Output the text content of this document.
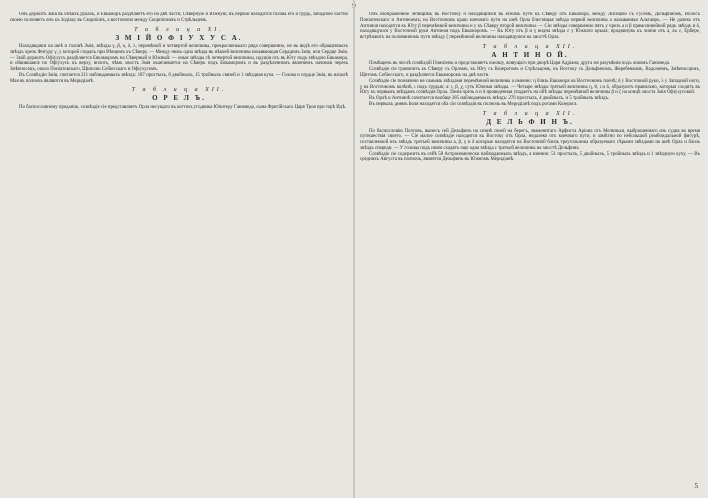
Онъ держитъ Змія въ обѣихъ рукахъ, и Евкаморъ раздѣляетъ его на двѣ части, Сѣверную и Южную; въ первой находится голова его и грудь, западною частію своею склоняетъ онъ къ Зодіаку въ Скорпіонъ, а восточною между Скорпіономъ и Стрѣльцемъ.

Т а б л и ц а XI.
З М І Й О Ф І У Х У С А.

Находящаяся на шеѣ и головѣ Змія, звѣзды γ, β, κ, δ, λ, перемѣной и четвертой величины, прекрасненькаго ряда совершенно, не въ видѣ его обращенныхъ звѣздъ чрезъ Фигуру γ, у которой сходясь при Вѣнцемъ къ Сѣверу. — Между нимъ одна звѣзда въ нѣкоей величины называющая Сердцемъ Змія, или Сердце Змія. — Змій держитъ Офіухусъ раздѣляется Евкаморомъ на Сѣверный и Южный: — оныя звѣзды сѣ четвертой величины, идущія отъ въ Югу подъ звѣздою Евкамора, и обвившаяся по Офіухусъ къ верху, вплоть, чѣмъ хвостъ Змія оканчивается на Сѣверъ подъ Евкаморомъ и въ раздѣленномъ явленіемъ начиная черезъ Змѣеносецъ, около Поніатовскаго, Щиполю Собіесскаго и Офіухусомъ.

Въ Созвѣздіи Змія, считается 211 наблюдаемыхъ звѣздъ: 187 простыхъ, 8 двойныхъ, 15 тройныхъ связей и 1 звѣздная куча. — Голова и сердце Змія, въ началѣ Мая въ полночь являются въ Меридіанѣ.

Т а б л и ц а XII.
О Р Е Л Ъ.

По баснословному преданію, созвѣздіе сіе представляетъ Орла несущаго въ когтяхъ угодника Юпитеру Ганимеда, сына Фригійскаго Царя Троя при горѣ Идѣ.

Онъ изображенное летящимъ въ Восточку и находящимся въ ясномъ пути къ Сѣверу отъ Евкамора, между Лисицею съ Гусемъ, Дельфиномъ, Волосъ Поніатовскаго и Антиноемъ; на Восточномъ краю млечнаго пути на шеѣ Орла блестящая звѣзда первой величины а называемая Альтаиръ. — Не далеко отъ Антиноя находится къ Югу β перемѣнной величины и у къ Сѣверу второй величины. — Сіи звѣзды совершенно пятъ у чрезъ а и β прямолинейной рядъ звѣздъ и δ, находящуюся у Восточной руки Антиноя подъ Евкаморомъ. — Къ Югу отъ β и γ видна звѣзда ε у Южнаго крыла; продвинувъ къ линію отъ а, къ ε, Ербере, встрѣчаютъ на половинномъ пути звѣзду ζ перемѣнной величины находящуюся на хвостѣ Орла.

Т а б л и ц а XII.
А Н Т И Н О Й.

Помѣщенъ въ числѣ созвѣздій Гевеліемъ и представляетъ юношу, живущаго при дворѣ Царя Адріана; друга же разумѣнія подъ ликомъ Ганимеда.

Созвѣздіе сіе граничитъ къ Сѣверу съ Орломъ, къ Югу съ Козерогомъ и Стрѣльцомъ, къ Востоку съ Дельфиномъ, Жеребенкомъ, Водолеемъ, Змѣеносцемъ, Щитомъ Собіесскаго, и раздѣляется Евкаморомъ на двѣ части.

Созвѣздіе сіе позначено не самымъ звѣздами перемѣнной величины а именно: η близь Евкамора на Восточномъ плечѣ; δ у Восточной руки, λ у Западной ноги, χ на Восточномъ колѣнѣ, ι подъ грудью; а: ι, β, χ, суть Южныя звѣзды. — Четыре звѣзды третьей величины η, θ, ι и δ, образуютъ правильно, которыя сходятъ въ Югу къ первымъ звѣздамъ созвѣздія Орла. Линія чрезъ α и δ проведенная упадаетъ на обѣ звѣзды перемѣнной величины β и ζ на концѣ хвоста Змія Офіухусовой.

Въ Орлѣ и Антиноѣ сочитается вообще 285 наблюдаемыхъ звѣздъ: 276 простыхъ, 4 двойныхъ, и 5 тройныхъ звѣздъ.

Въ первыхъ днямъ Іюля находятся оба сіи созвѣздія въ полночь въ Меридіанѣ подъ рогами Козерога.

Т а б л и ц а XII.
Д Е Л Ь Ф И Н Ъ.

По баснословію Поэтовъ, вынесъ сей Дельфинъ на спинѣ своей на берегъ, знаменитаго Арфиста Аріона отъ Мелиньки, выброшеннаго изъ судна во время путешествія своего. — Сіе малое созвѣздіе находится къ Востоку отъ Орла, недалеко отъ млечнаго пути, и замѣтно по небольшой ромбоидальной фигурѣ, составленной изъ звѣздъ третьей величины а, β, γ и δ которые находятся на Восточной близь треугольника образуемаго сѣрыми звѣздами на шеѣ Орла и близь звѣздъ спереди. — У головы подъ ними сходятъ еще одна звѣзда ε третьей величины на хвостѣ Дельфина.

Созвѣздіе сіе содержитъ въ себѣ 58 Астрономически наблюдаемыхъ звѣздъ, а именно: 51 простыхъ, 5 двойныхъ, 5 тройныхъ звѣздъ и 1 звѣздную кучу. — Въ среднихъ Августа въ полночь, является Дельфинъ въ Южномъ Меридіанѣ.

5
